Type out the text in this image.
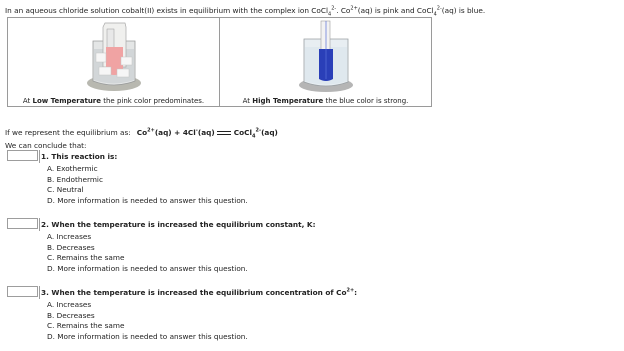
In an aqueous chloride solution cobalt(II) exists in equilibrium with the complex ion CoCl$_4^{2-}$. $Co^{2+}(aq)$ is pink and CoCl$_4^{2-}$(aq) is blue.
At Low Temperature the pink color predominates.	At High Temperature the blue color is strong.
If we represent the equilibrium as: $Co^{2+}(aq) + 4Cl^-(aq)$	CoCl$_4^{2-}$(aq)
We can conclude that:
1. This reaction is:
A. Exothermic
B. Endothermic
C. Neutral
D. More information is needed to answer this question.
2. When the temperature is increased the equilibrium constant, K:
A. Increases
B. Decreases
C. Remains the same
D. More information is needed to answer this question.
3. When the temperature is increased the equilibrium concentration of $Co^{2+}$:
A. Increases
B. Decreases
C. Remains the same
D. More information is needed to answer this question.
